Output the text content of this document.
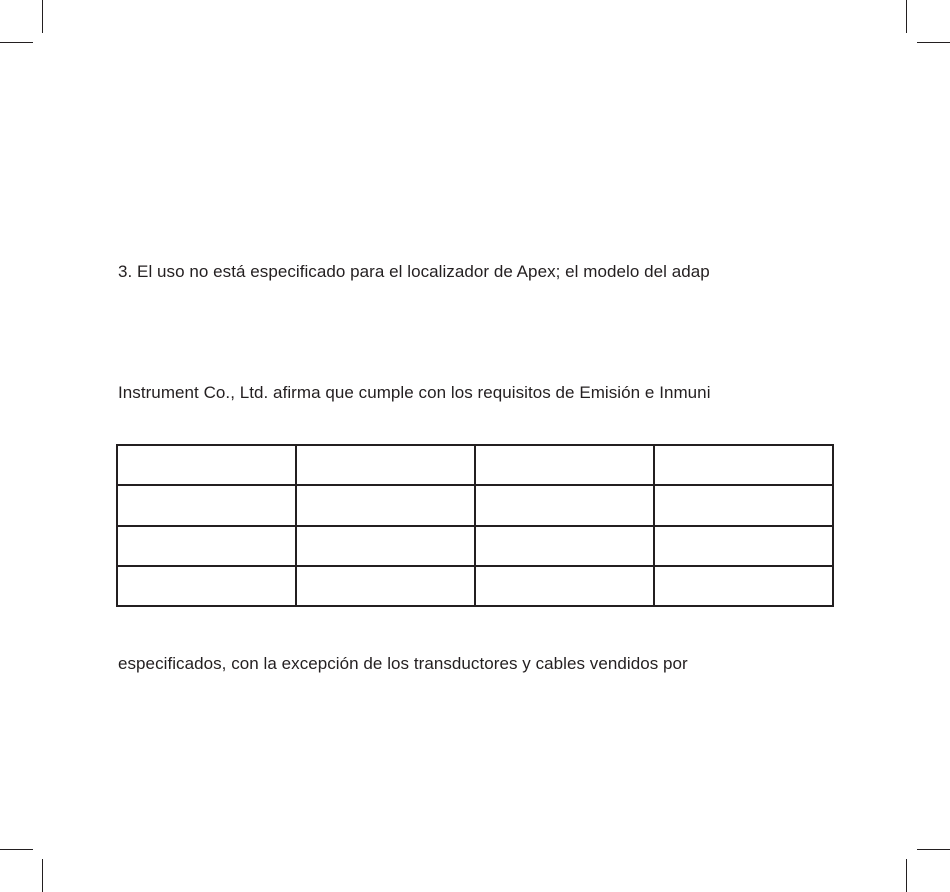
3. El uso no está especificado para el localizador de Apex; el modelo del adap
Instrument Co., Ltd. afirma que cumple con los requisitos de Emisión e Inmuni

especificados, con la excepción de los transductores y cables vendidos por
